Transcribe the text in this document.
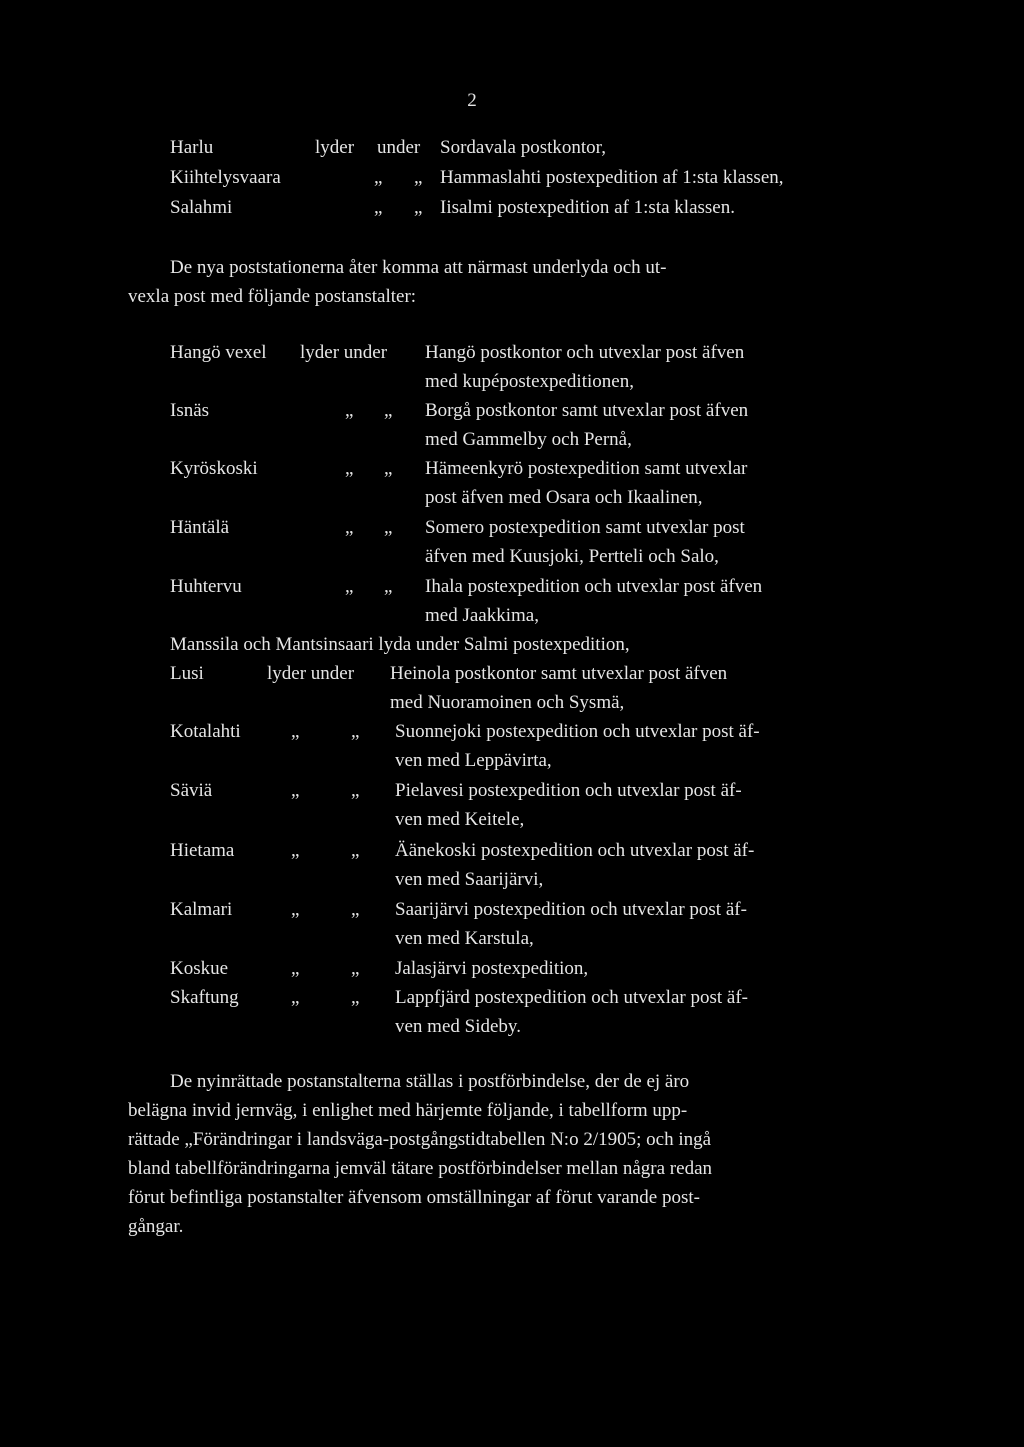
2
Harlu	lyder under Sordavala postkontor,
Kiihtelysvaara	„ „ Hammaslahti postexpedition af 1:sta klassen,
Salahmi	„ „ Iisalmi postexpedition af 1:sta klassen.
De nya poststationerna åter komma att närmast underlyda och ut-
vexla post med följande postanstalter:
Hangö vexel lyder under Hangö postkontor och utvexlar post äfven
med kupépostexpeditionen,
Isnäs	„ „ Borgå postkontor samt utvexlar post äfven
med Gammelby och Pernå,
Kyröskoski	„ „ Hämeenkyrö postexpedition samt utvexlar
post äfven med Osara och Ikaalinen,
Häntälä	„ „ Somero postexpedition samt utvexlar post
äfven med Kuusjoki, Pertteli och Salo,
Huhtervu	„ „ Ihala postexpedition och utvexlar post äfven
med Jaakkima,
Manssila och Mantsinsaari lyda under Salmi postexpedition,
Lusi	lyder under Heinola postkontor samt utvexlar post äfven
med Nuoramoinen och Sysmä,
Kotalahti	„	„ Suonnejoki postexpedition och utvexlar post äf-
ven med Leppävirta,
Säviä	„	„ Pielavesi postexpedition och utvexlar post äf-
ven med Keitele,
Hietama	„	„ Äänekoski postexpedition och utvexlar post äf-
ven med Saarijärvi,
Kalmari	„	„ Saarijärvi postexpedition och utvexlar post äf-
ven med Karstula,
Koskue	„	„ Jalasjärvi postexpedition,
Skaftung	„	„ Lappfjärd postexpedition och utvexlar post äf-
ven med Sideby.
De nyinrättade postanstalterna ställas i postförbindelse, der de ej äro
belägna invid jernväg, i enlighet med härjemte följande, i tabellform upp-
rättade „Förändringar i landsväga-postgångstidtabellen N:o 2/1905; och ingå
bland tabellförändringarna jemväl tätare postförbindelser mellan några redan
förut befintliga postanstalter äfvensom omställningar af förut varande post-
gångar.
